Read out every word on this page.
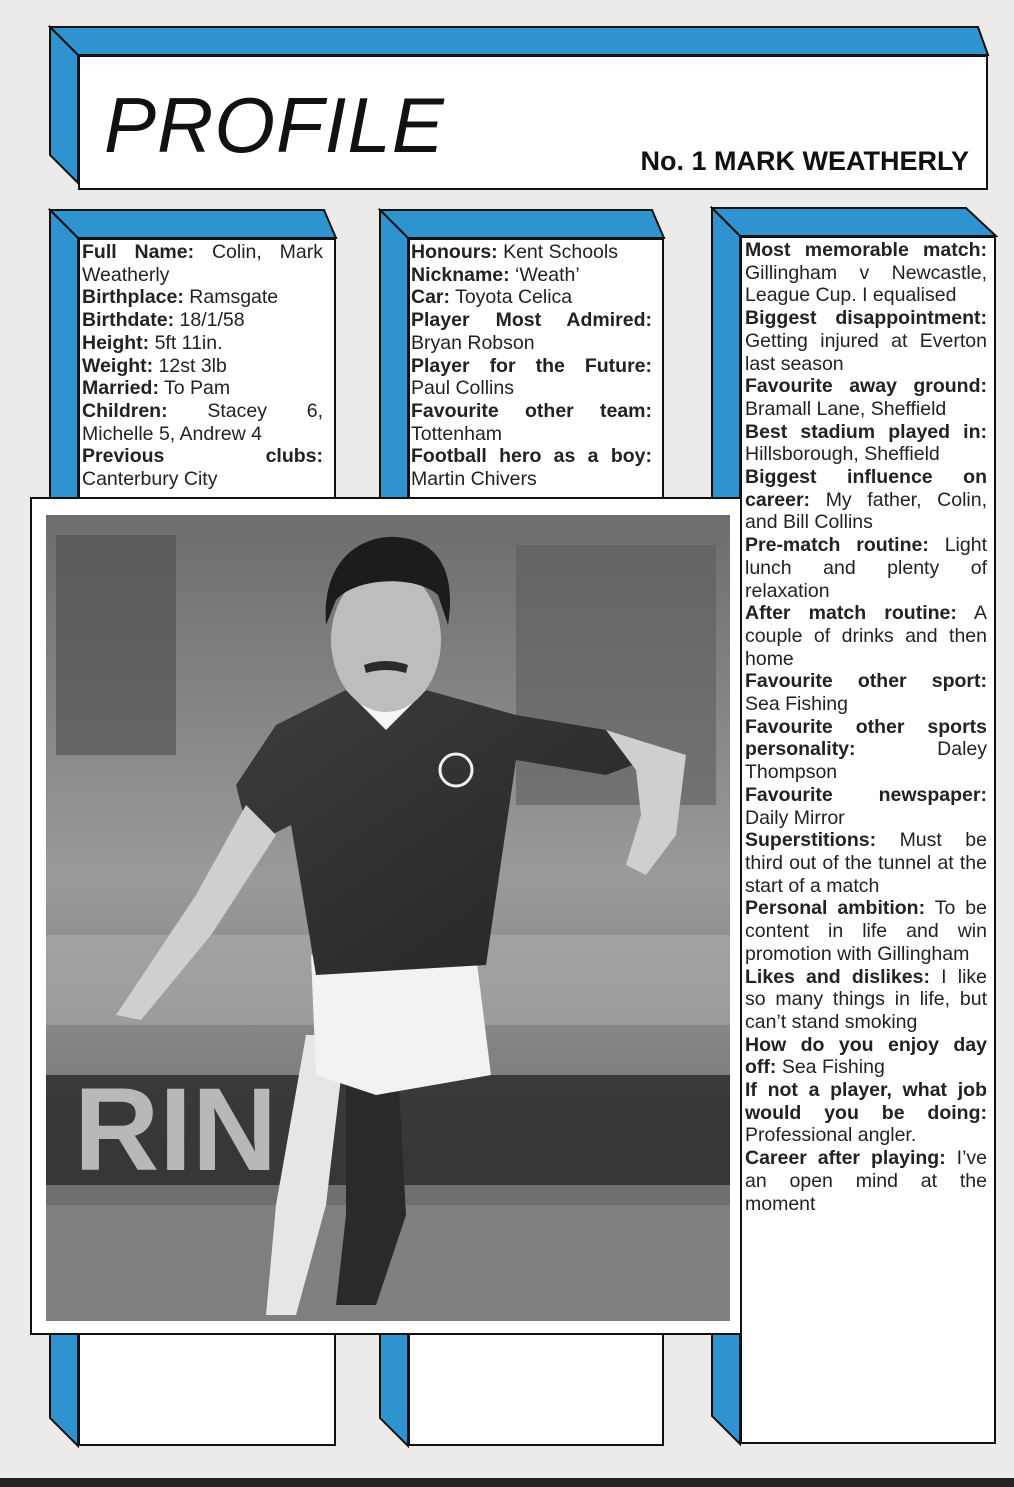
PROFILE	No. 1 MARK WEATHERLY

Full Name: Colin, Mark Weatherly

Birthplace: Ramsgate

Birthdate: 18/1/58

Height: 5ft 11in.

Weight: 12st 3lb

Married: To Pam

Children: Stacey 6, Michelle 5, Andrew 4

Previous clubs: Canterbury City

Honours: Kent Schools

Nickname: ‘Weath’

Car: Toyota Celica

Player Most Admired: Bryan Robson

Player for the Future: Paul Collins

Favourite other team: Tottenham

Football hero as a boy: Martin Chivers

Most memorable match: Gillingham v Newcastle, League Cup. I equalised

Biggest disappointment: Getting injured at Everton last season

Favourite away ground: Bramall Lane, Sheffield

Best stadium played in: Hillsborough, Sheffield

Biggest influence on career: My father, Colin, and Bill Collins

Pre-match routine: Light lunch and plenty of relaxation

After match routine: A couple of drinks and then home

Favourite other sport: Sea Fishing

Favourite other sports personality: Daley Thompson

Favourite newspaper: Daily Mirror

Superstitions: Must be third out of the tunnel at the start of a match

Personal ambition: To be content in life and win promotion with Gillingham

Likes and dislikes: I like so many things in life, but can’t stand smoking

How do you enjoy day off: Sea Fishing

If not a player, what job would you be doing: Professional angler.

Career after playing: I’ve an open mind at the moment

RIN
